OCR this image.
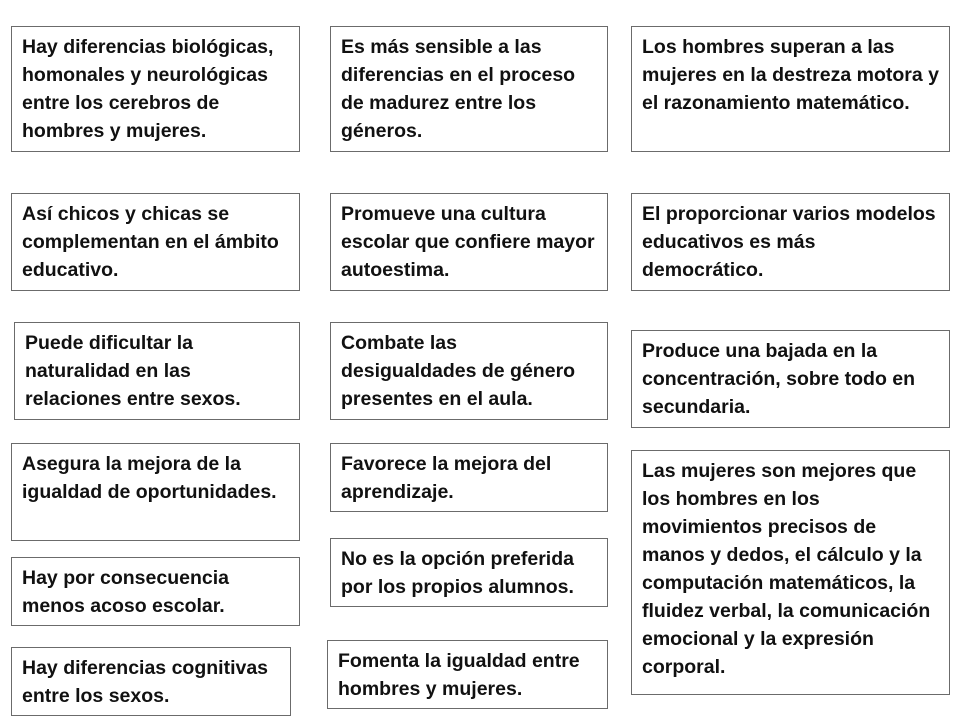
Hay diferencias biológicas, homonales y neurológicas entre los cerebros de hombres y mujeres.

Es más sensible a las diferencias en el proceso de madurez entre los géneros.

Los hombres superan a las mujeres en la destreza motora y el razonamiento matemático.

Así chicos y chicas se complementan en el ámbito educativo.

Promueve una cultura escolar que confiere mayor autoestima.

El proporcionar varios modelos educativos es más democrático.

Puede dificultar la naturalidad en las relaciones entre sexos.

Combate las desigualdades de género presentes en el aula.

Produce una bajada en la concentración, sobre todo en secundaria.

Asegura la mejora de la igualdad de oportunidades.

Favorece la mejora del aprendizaje.

Las mujeres son mejores que los hombres en los movimientos precisos de manos y dedos, el cálculo y la computación matemáticos, la fluidez verbal, la comunicación emocional y la expresión corporal.

Hay por consecuencia menos acoso escolar.

No es la opción preferida por los propios alumnos.

Hay diferencias cognitivas entre los sexos.

Fomenta la igualdad entre hombres y mujeres.
